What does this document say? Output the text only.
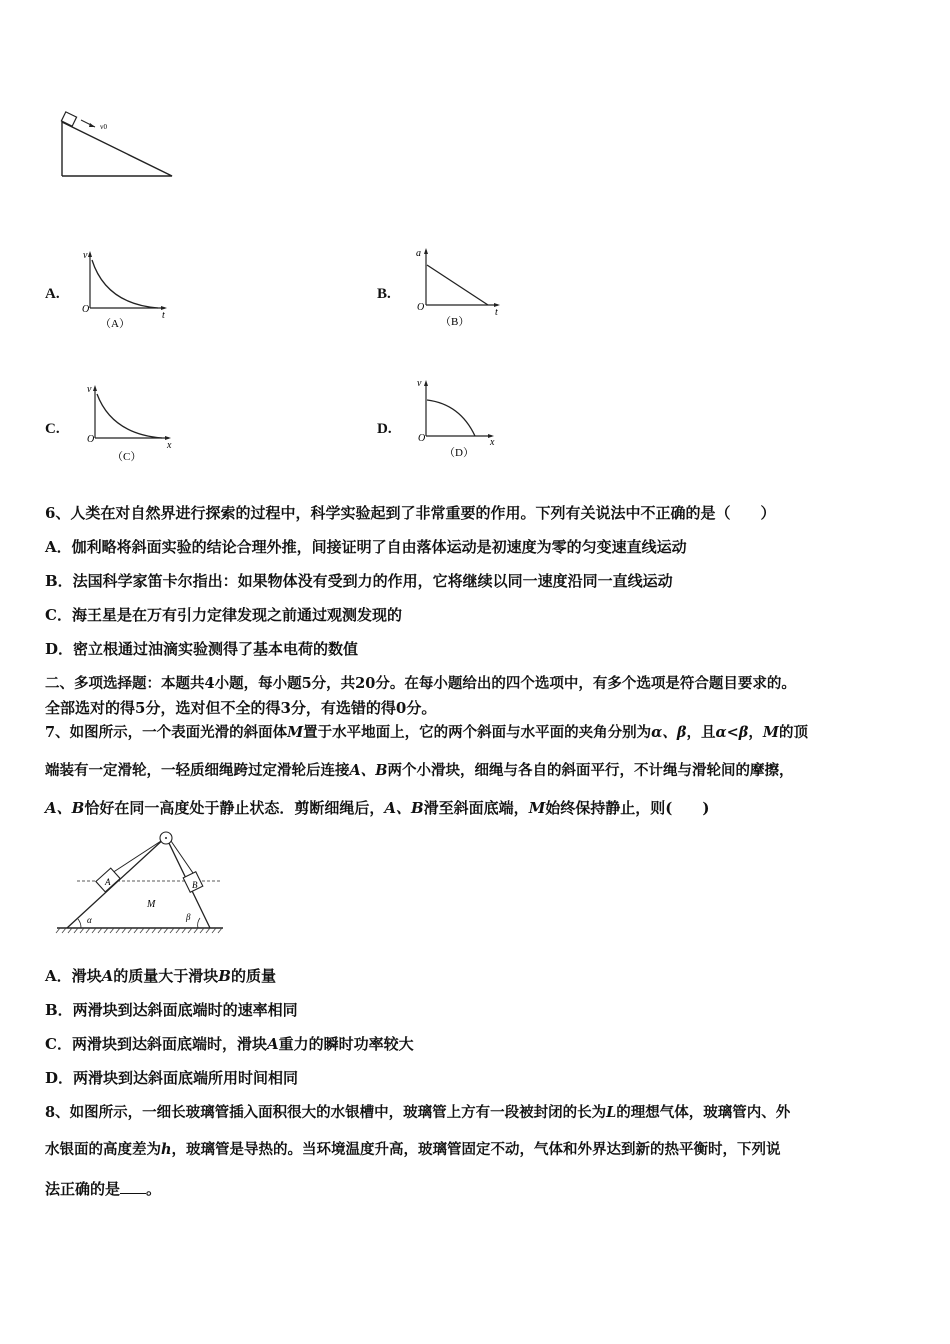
v0
A.
v
O
t
（A）
B.
a
O	t
（B）
C.
v
O
x
（C）
D.
v
O	x
（D）
6、人类在对自然界进行探索的过程中，科学实验起到了非常重要的作用。下列有关说法中不正确的是（　　）
A．伽利略将斜面实验的结论合理外推，间接证明了自由落体运动是初速度为零的匀变速直线运动
B．法国科学家笛卡尔指出：如果物体没有受到力的作用，它将继续以同一速度沿同一直线运动
C．海王星是在万有引力定律发现之前通过观测发现的
D．密立根通过油滴实验测得了基本电荷的数值
二、多项选择题：本题共4小题，每小题5分，共20分。在每小题给出的四个选项中，有多个选项是符合题目要求的。
全部选对的得5分，选对但不全的得3分，有选错的得0分。
7、如图所示，一个表面光滑的斜面体M置于水平地面上，它的两个斜面与水平面的夹角分别为α、β，且α<β，M的顶
端装有一定滑轮，一轻质细绳跨过定滑轮后连接A、B两个小滑块，细绳与各自的斜面平行，不计绳与滑轮间的摩擦，
A、B恰好在同一高度处于静止状态．剪断细绳后，A、B滑至斜面底端，M始终保持静止，则(　　)
A	B
M
α	β
A．滑块A的质量大于滑块B的质量
B．两滑块到达斜面底端时的速率相同
C．两滑块到达斜面底端时，滑块A重力的瞬时功率较大
D．两滑块到达斜面底端所用时间相同
8、如图所示，一细长玻璃管插入面积很大的水银槽中，玻璃管上方有一段被封闭的长为L的理想气体，玻璃管内、外
水银面的高度差为h，玻璃管是导热的。当环境温度升高，玻璃管固定不动，气体和外界达到新的热平衡时，下列说
法正确的是 。
